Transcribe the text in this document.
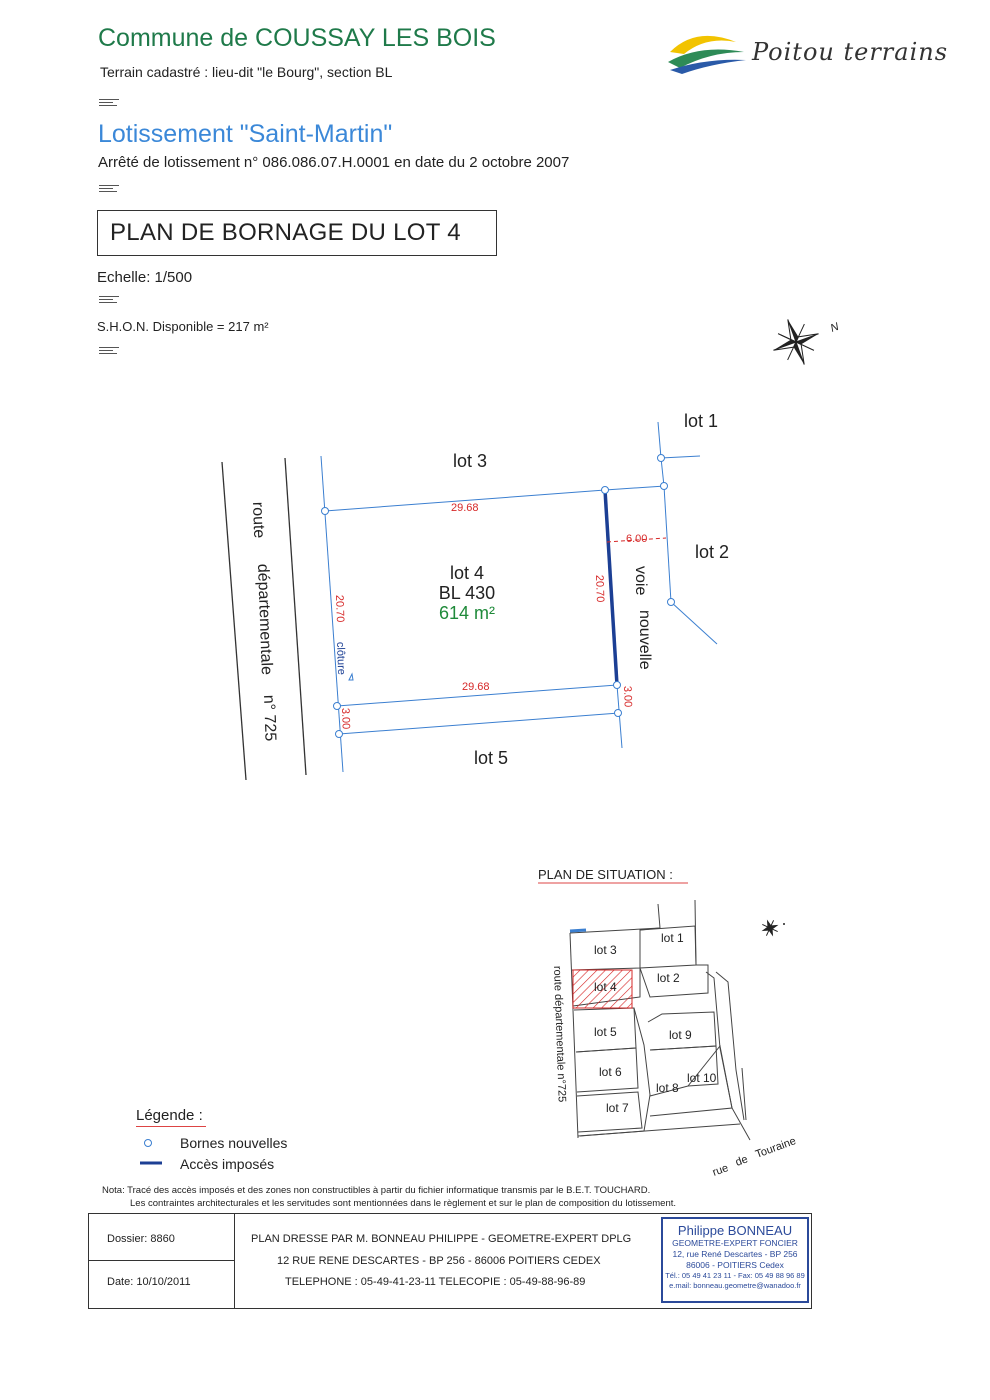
Commune de COUSSAY LES BOIS
Terrain cadastré : lieu-dit "le Bourg", section BL
Lotissement "Saint-Martin"
Arrêté de lotissement n° 086.086.07.H.0001 en date du 2 octobre 2007
PLAN DE BORNAGE DU LOT 4
Echelle: 1/500
S.H.O.N. Disponible = 217 m²
Poitou terrains
N
lot 1
lot 2
lot 3
lot 5
lot 4
BL 430
614 m²
route
départementale
n° 725
voie
nouvelle
29.68
29.68
20.70
20.70
6.00
3.00
3.00
clôture
PLAN DE SITUATION :
lot 3
lot 1
lot 2
lot 4
lot 5	lot 9
lot 6	lot 10
lot 8
lot 7
route départementale n°725
rue
de
Touraine
Légende :
Bornes nouvelles
Accès imposés
Nota: Tracé des accès imposés et des zones non constructibles à partir du fichier informatique transmis par le B.E.T. TOUCHARD.
Les contraintes architecturales et les servitudes sont mentionnées dans le règlement et sur le plan de composition du lotissement.
Dossier: 8860
Date: 10/10/2011
PLAN DRESSE PAR M. BONNEAU PHILIPPE - GEOMETRE-EXPERT DPLG
12 RUE RENE DESCARTES - BP 256 - 86006 POITIERS CEDEX
TELEPHONE : 05-49-41-23-11 TELECOPIE : 05-49-88-96-89
Philippe BONNEAU
GEOMETRE-EXPERT FONCIER
12, rue René Descartes - BP 256
86006 - POITIERS Cedex
Tél.: 05 49 41 23 11 - Fax: 05 49 88 96 89
e.mail: bonneau.geometre@wanadoo.fr
